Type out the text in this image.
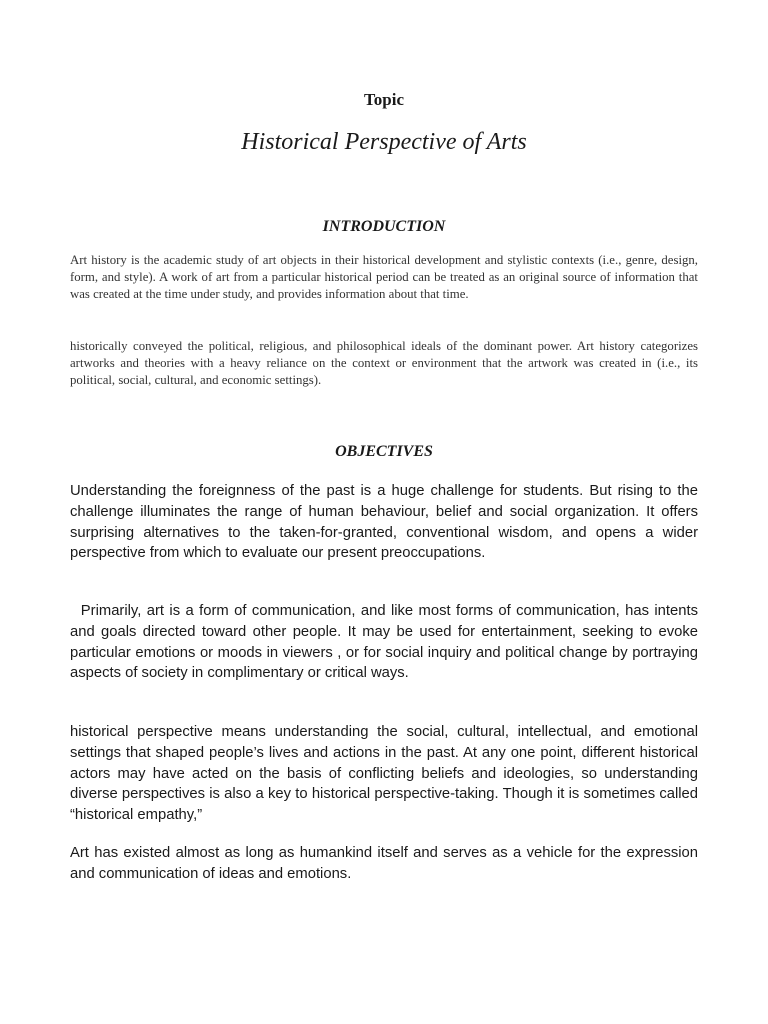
Topic
Historical Perspective of Arts
INTRODUCTION

Art history is the academic study of art objects in their historical development and stylistic contexts (i.e., genre, design, form, and style). A work of art from a particular historical period can be treated as an original source of information that was created at the time under study, and provides information about that time.

historically conveyed the political, religious, and philosophical ideals of the dominant power. Art history categorizes artworks and theories with a heavy reliance on the context or environment that the artwork was created in (i.e., its political, social, cultural, and economic settings).

OBJECTIVES

Understanding the foreignness of the past is a huge challenge for students. But rising to the challenge illuminates the range of human behaviour, belief and social organization. It offers surprising alternatives to the taken-for-granted, conventional wisdom, and opens a wider perspective from which to evaluate our present preoccupations.

Primarily, art is a form of communication, and like most forms of communication, has intents and goals directed toward other people. It may be used for entertainment, seeking to evoke particular emotions or moods in viewers , or for social inquiry and political change by portraying aspects of society in complimentary or critical ways.

historical perspective means understanding the social, cultural, intellectual, and emotional settings that shaped people’s lives and actions in the past. At any one point, different historical actors may have acted on the basis of conflicting beliefs and ideologies, so understanding diverse perspectives is also a key to historical perspective-taking. Though it is sometimes called “historical empathy,”

Art has existed almost as long as humankind itself and serves as a vehicle for the expression and communication of ideas and emotions.
